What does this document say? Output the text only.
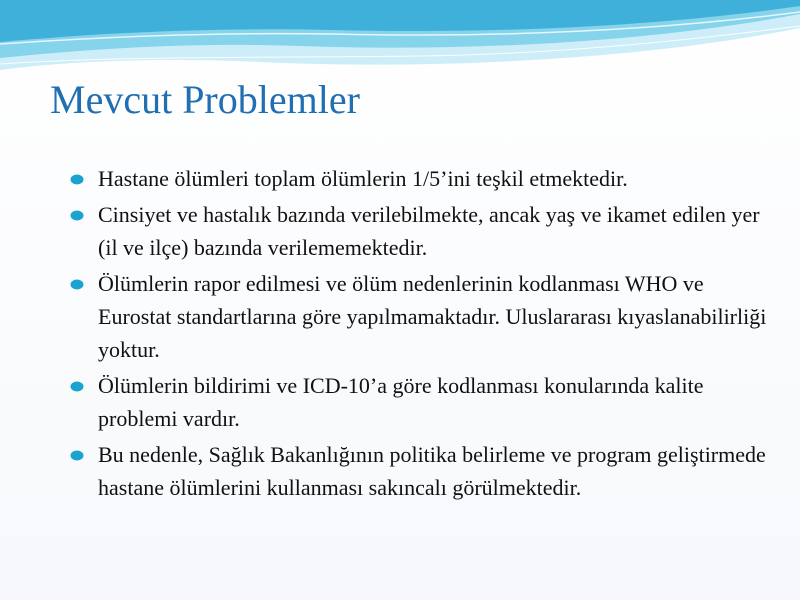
Mevcut Problemler
Hastane ölümleri toplam ölümlerin 1/5’ini teşkil etmektedir.
Cinsiyet ve hastalık bazında verilebilmekte, ancak yaş ve ikamet edilen yer (il ve ilçe) bazında verilememektedir.
Ölümlerin rapor edilmesi ve ölüm nedenlerinin kodlanması WHO ve Eurostat standartlarına göre yapılmamaktadır. Uluslararası kıyaslanabilirliği yoktur.
Ölümlerin bildirimi ve ICD-10’a göre kodlanması konularında kalite problemi vardır.
Bu nedenle, Sağlık Bakanlığının politika belirleme ve program geliştirmede hastane ölümlerini kullanması sakıncalı görülmektedir.
